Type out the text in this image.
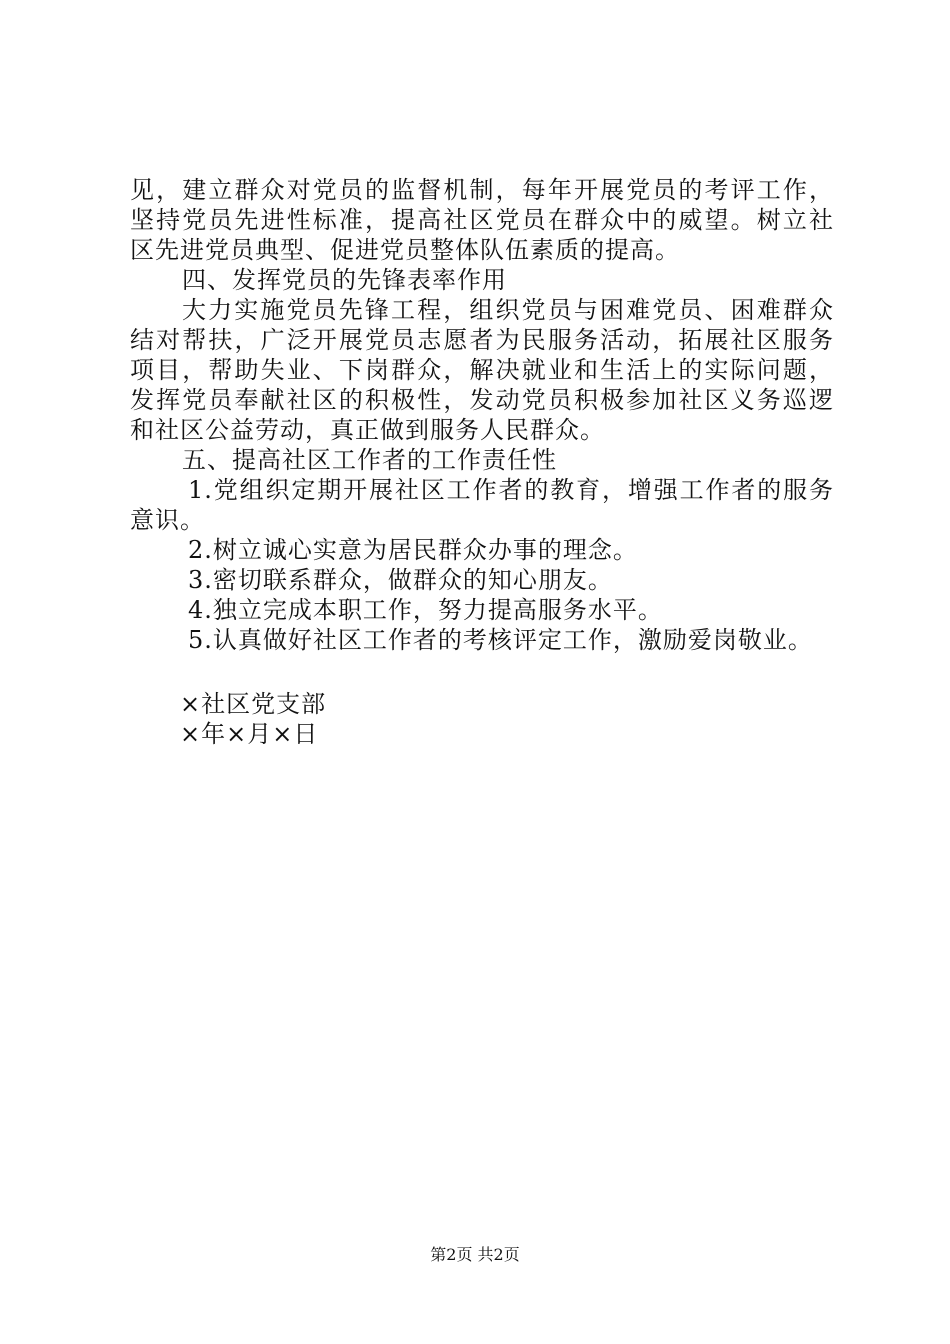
见，建立群众对党员的监督机制，每年开展党员的考评工作，
坚持党员先进性标准，提高社区党员在群众中的威望。树立社
区先进党员典型、促进党员整体队伍素质的提高。
四、发挥党员的先锋表率作用
大力实施党员先锋工程，组织党员与困难党员、困难群众
结对帮扶，广泛开展党员志愿者为民服务活动，拓展社区服务
项目，帮助失业、下岗群众，解决就业和生活上的实际问题，
发挥党员奉献社区的积极性，发动党员积极参加社区义务巡逻
和社区公益劳动，真正做到服务人民群众。
五、提高社区工作者的工作责任性
1.党组织定期开展社区工作者的教育，增强工作者的服务
意识。
2.树立诚心实意为居民群众办事的理念。
3.密切联系群众，做群众的知心朋友。
4.独立完成本职工作，努力提高服务水平。
5.认真做好社区工作者的考核评定工作，激励爱岗敬业。
×社区党支部
×年×月×日
第2页 共2页
